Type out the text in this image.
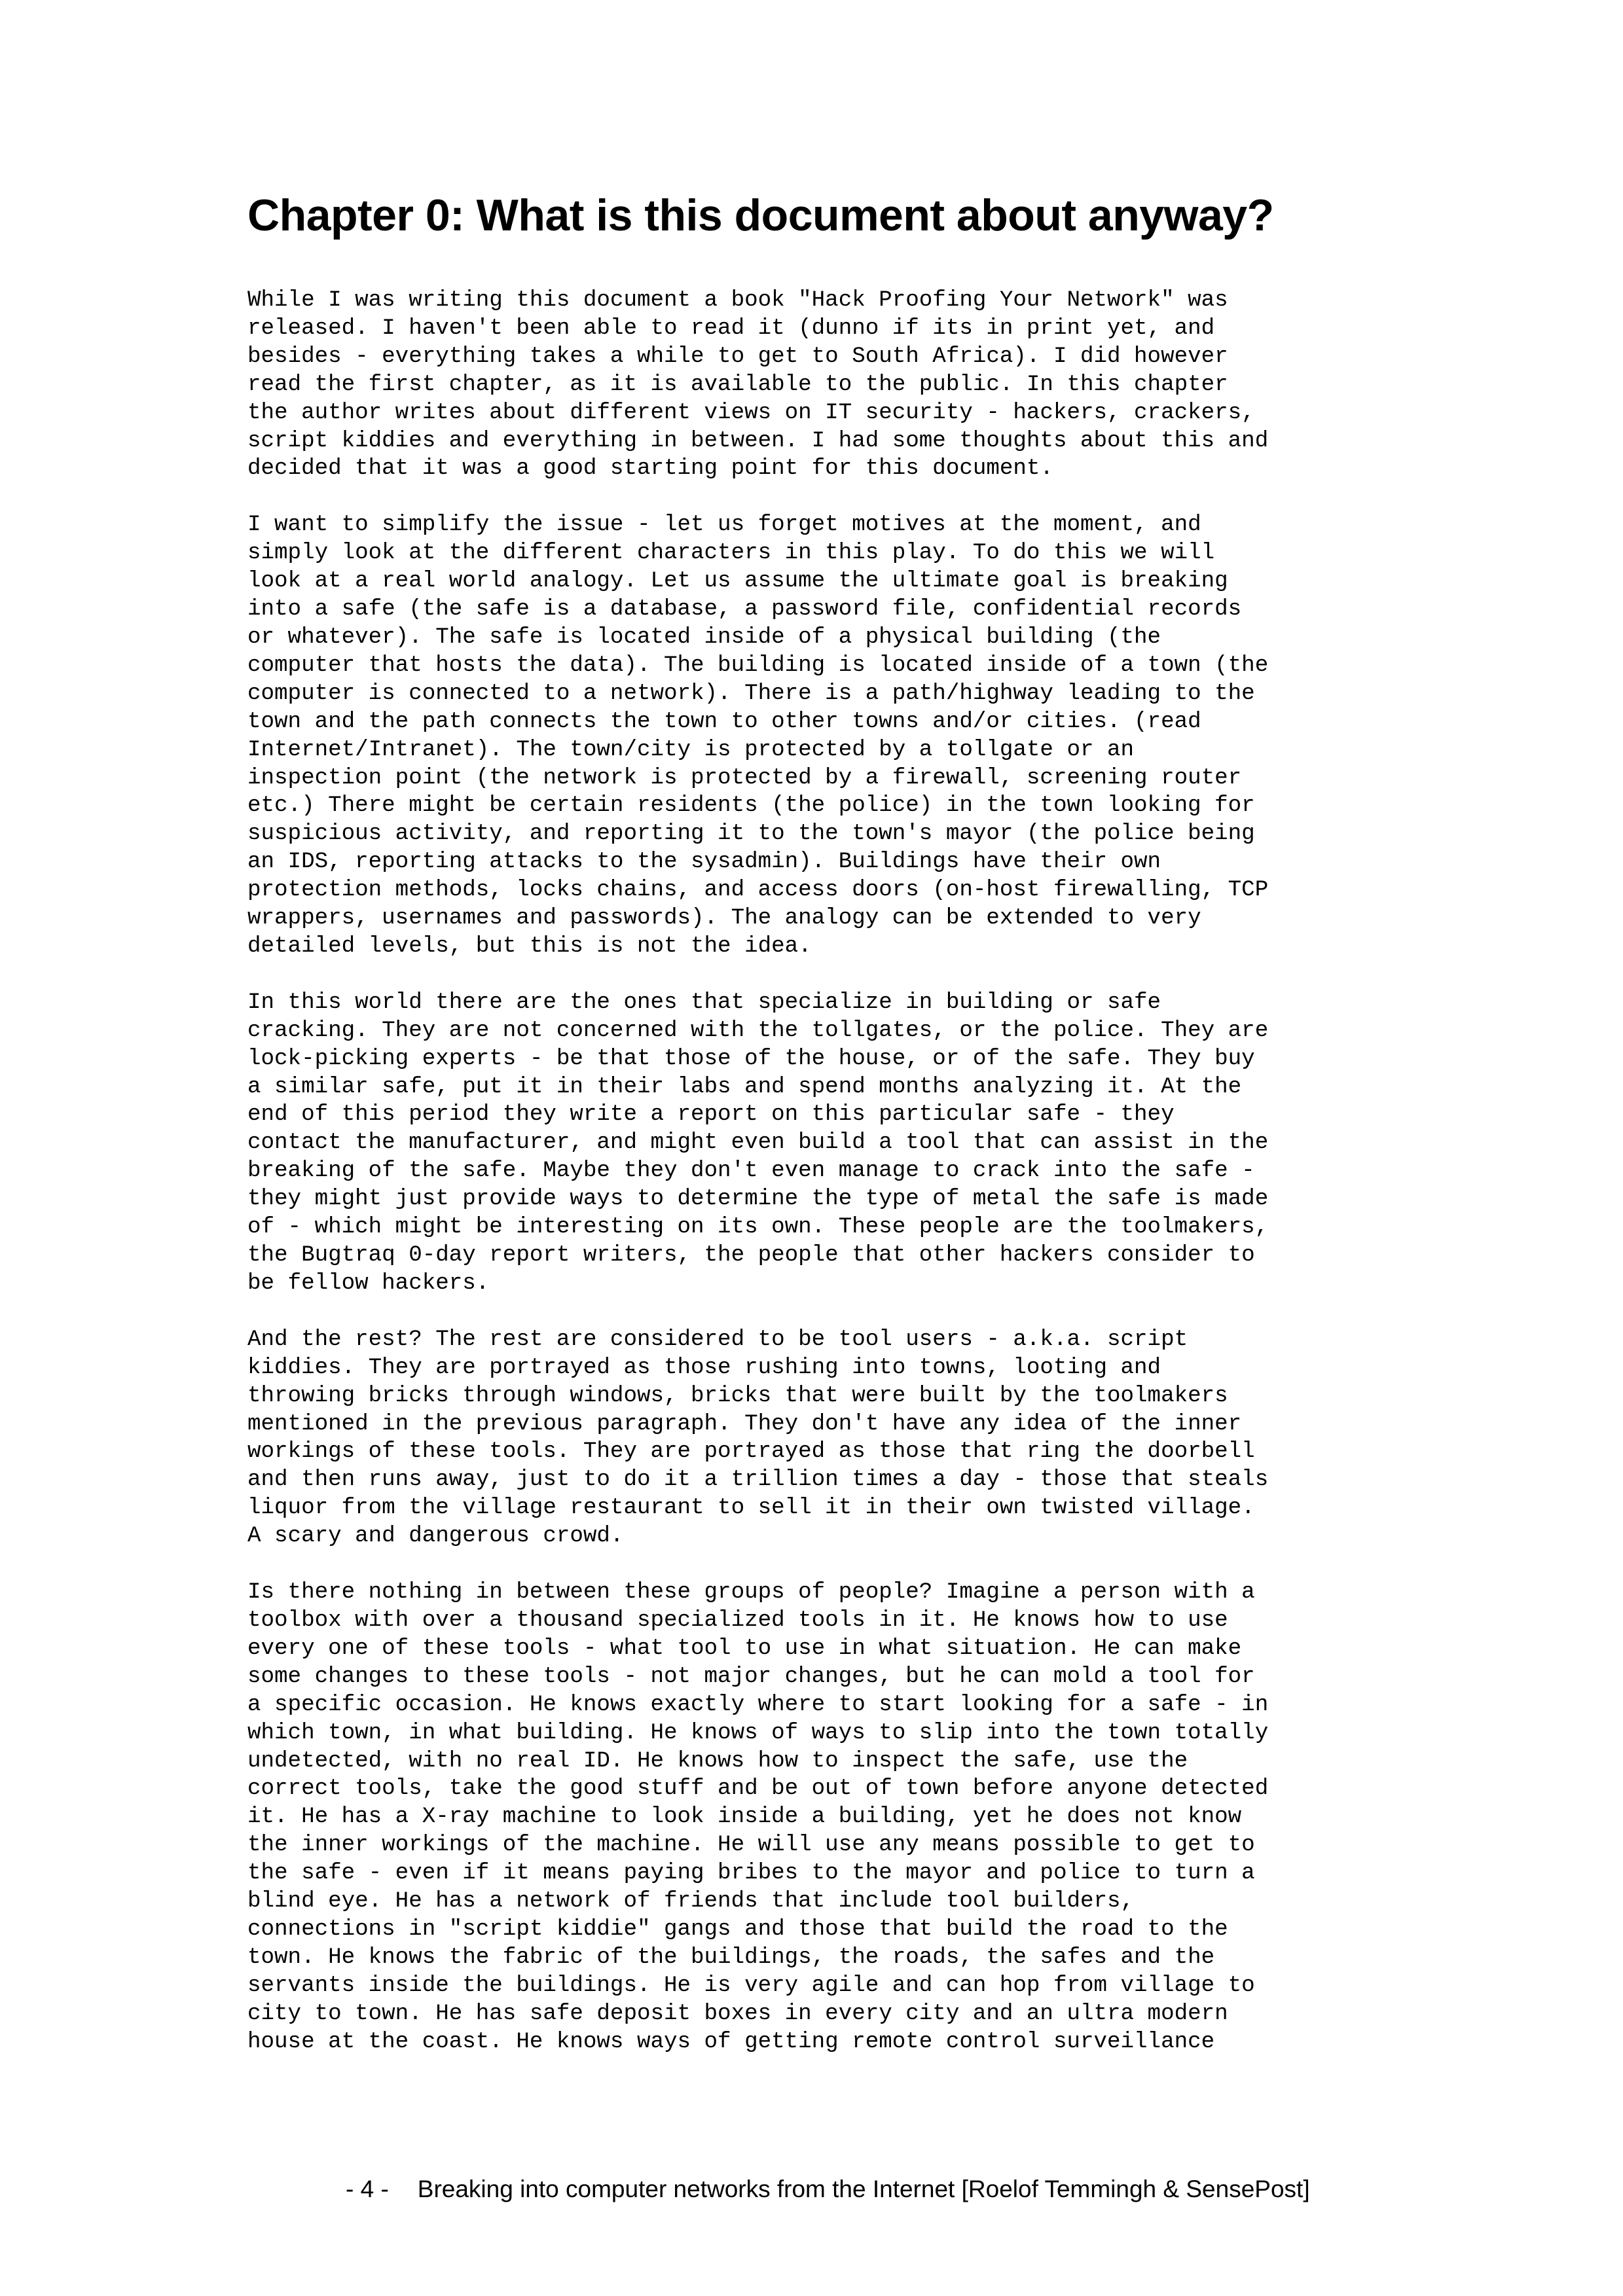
Chapter 0: What is this document about anyway?

While I was writing this document a book "Hack Proofing Your Network" was
released. I haven't been able to read it (dunno if its in print yet, and
besides - everything takes a while to get to South Africa). I did however
read the first chapter, as it is available to the public. In this chapter
the author writes about different views on IT security - hackers, crackers,
script kiddies and everything in between. I had some thoughts about this and
decided that it was a good starting point for this document.

I want to simplify the issue - let us forget motives at the moment, and
simply look at the different characters in this play. To do this we will
look at a real world analogy. Let us assume the ultimate goal is breaking
into a safe (the safe is a database, a password file, confidential records
or whatever). The safe is located inside of a physical building (the
computer that hosts the data). The building is located inside of a town (the
computer is connected to a network). There is a path/highway leading to the
town and the path connects the town to other towns and/or cities. (read
Internet/Intranet). The town/city is protected by a tollgate or an
inspection point (the network is protected by a firewall, screening router
etc.) There might be certain residents (the police) in the town looking for
suspicious activity, and reporting it to the town's mayor (the police being
an IDS, reporting attacks to the sysadmin). Buildings have their own
protection methods, locks chains, and access doors (on-host firewalling, TCP
wrappers, usernames and passwords). The analogy can be extended to very
detailed levels, but this is not the idea.

In this world there are the ones that specialize in building or safe
cracking. They are not concerned with the tollgates, or the police. They are
lock-picking experts - be that those of the house, or of the safe. They buy
a similar safe, put it in their labs and spend months analyzing it. At the
end of this period they write a report on this particular safe - they
contact the manufacturer, and might even build a tool that can assist in the
breaking of the safe. Maybe they don't even manage to crack into the safe -
they might just provide ways to determine the type of metal the safe is made
of - which might be interesting on its own. These people are the toolmakers,
the Bugtraq 0-day report writers, the people that other hackers consider to
be fellow hackers.

And the rest? The rest are considered to be tool users - a.k.a. script
kiddies. They are portrayed as those rushing into towns, looting and
throwing bricks through windows, bricks that were built by the toolmakers
mentioned in the previous paragraph. They don't have any idea of the inner
workings of these tools. They are portrayed as those that ring the doorbell
and then runs away, just to do it a trillion times a day - those that steals
liquor from the village restaurant to sell it in their own twisted village.
A scary and dangerous crowd.

Is there nothing in between these groups of people? Imagine a person with a
toolbox with over a thousand specialized tools in it. He knows how to use
every one of these tools - what tool to use in what situation. He can make
some changes to these tools - not major changes, but he can mold a tool for
a specific occasion. He knows exactly where to start looking for a safe - in
which town, in what building. He knows of ways to slip into the town totally
undetected, with no real ID. He knows how to inspect the safe, use the
correct tools, take the good stuff and be out of town before anyone detected
it. He has a X-ray machine to look inside a building, yet he does not know
the inner workings of the machine. He will use any means possible to get to
the safe - even if it means paying bribes to the mayor and police to turn a
blind eye. He has a network of friends that include tool builders,
connections in "script kiddie" gangs and those that build the road to the
town. He knows the fabric of the buildings, the roads, the safes and the
servants inside the buildings. He is very agile and can hop from village to
city to town. He has safe deposit boxes in every city and an ultra modern
house at the coast. He knows ways of getting remote control surveillance

- 4 - Breaking into computer networks from the Internet [Roelof Temmingh & SensePost]
